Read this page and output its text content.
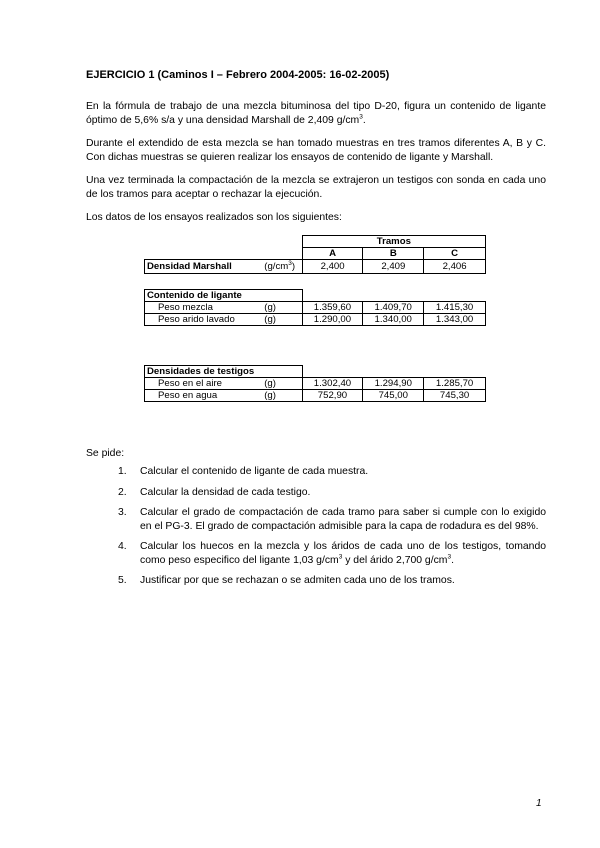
EJERCICIO 1 (Caminos I – Febrero 2004-2005: 16-02-2005)

En la fórmula de trabajo de una mezcla bituminosa del tipo D-20, figura un contenido de ligante óptimo de 5,6% s/a y una densidad Marshall de 2,409 $g/cm^3$.

Durante el extendido de esta mezcla se han tomado muestras en tres tramos diferentes A, B y C. Con dichas muestras se quieren realizar los ensayos de contenido de ligante y Marshall.

Una vez terminada la compactación de la mezcla se extrajeron un testigos con sonda en cada uno de los tramos para aceptar o rechazar la ejecución.

Los datos de los ensayos realizados son los siguientes:

		Tramos		
		A	B	C
Densidad Marshall	$(g/cm^3)$	2,400	2,409	2,406
Contenido de ligante				
Peso mezcla	(g)	1.359,60	1.409,70	1.415,30
Peso arido lavado	(g)	1.290,00	1.340,00	1.343,00
Densidades de testigos				
Peso en el aire	(g)	1.302,40	1.294,90	1.285,70
Peso en agua	(g)	752,90	745,00	745,30
Se pide:
1. Calcular el contenido de ligante de cada muestra.
2. Calcular la densidad de cada testigo.
3. Calcular el grado de compactación de cada tramo para saber si cumple con lo exigido en el PG-3. El grado de compactación admisible para la capa de rodadura es del 98%.
4. Calcular los huecos en la mezcla y los áridos de cada uno de los testigos, tomando como peso especifico del ligante 1,03 $g/cm^3$ y del árido 2,700 $g/cm^3$.
5. Justificar por que se rechazan o se admiten cada uno de los tramos.
1
